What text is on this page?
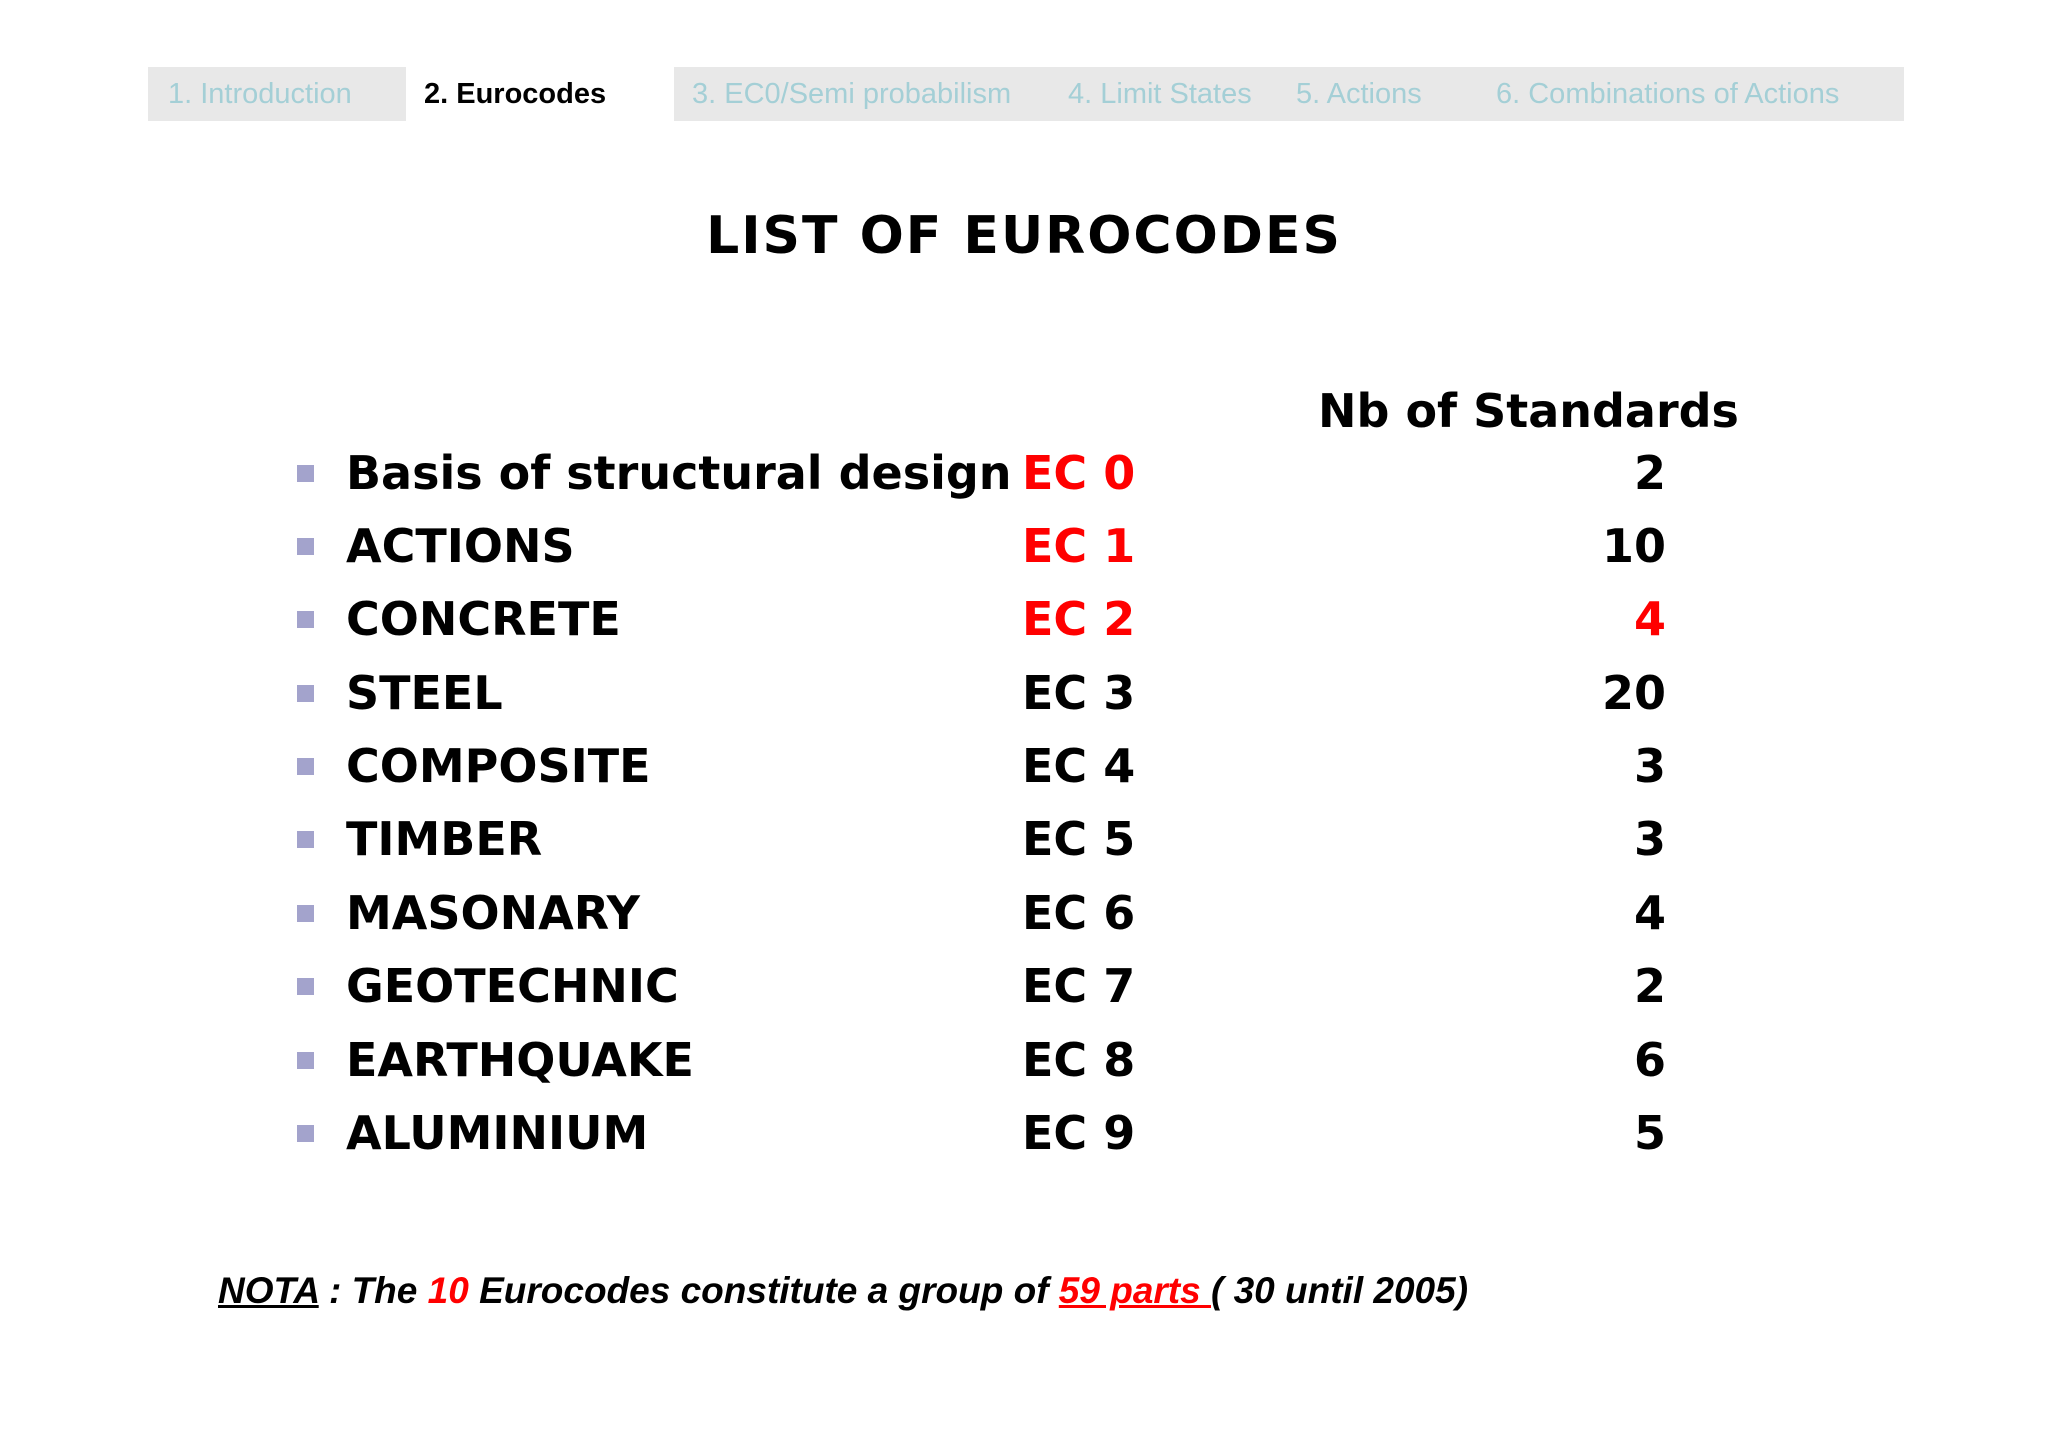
1. Introduction	2. Eurocodes	3. EC0/Semi probabilism 4. Limit States 5. Actions	6. Combinations of Actions
LIST OF EUROCODES
Nb of Standards
Basis of structural design EC 0	2
ACTIONS	EC 1	10
CONCRETE	EC 2	4
STEEL	EC 3	20
COMPOSITE	EC 4	3
TIMBER	EC 5	3
MASONARY	EC 6	4
GEOTECHNIC	EC 7	2
EARTHQUAKE	EC 8	6
ALUMINIUM	EC 9	5
NOTA : The 10 Eurocodes constitute a group of 59 parts ( 30 until 2005)
